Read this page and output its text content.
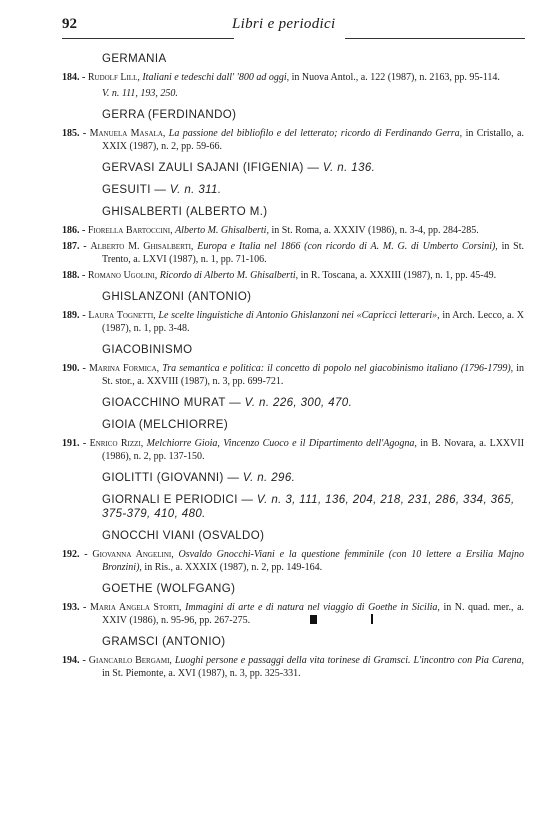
92	Libri e periodici
GERMANIA
184. - Rudolf Lill, Italiani e tedeschi dall' '800 ad oggi, in Nuova Antol., a. 122 (1987), n. 2163, pp. 95-114.
V. n. 111, 193, 250.
GERRA (FERDINANDO)
185. - Manuela Masala, La passione del bibliofilo e del letterato; ricordo di Ferdinando Gerra, in Cristallo, a. XXIX (1987), n. 2, pp. 59-66.
GERVASI ZAULI SAJANI (IFIGENIA) — V. n. 136.
GESUITI — V. n. 311.
GHISALBERTI (ALBERTO M.)
186. - Fiorella Bartoccini, Alberto M. Ghisalberti, in St. Roma, a. XXXIV (1986), n. 3-4, pp. 284-285.
187. - Alberto M. Ghisalberti, Europa e Italia nel 1866 (con ricordo di A. M. G. di Umberto Corsini), in St. Trento, a. LXVI (1987), n. 1, pp. 71-106.
188. - Romano Ugolini, Ricordo di Alberto M. Ghisalberti, in R. Toscana, a. XXXIII (1987), n. 1, pp. 45-49.
GHISLANZONI (ANTONIO)
189. - Laura Tognetti, Le scelte linguistiche di Antonio Ghislanzoni nei «Capricci letterari», in Arch. Lecco, a. X (1987), n. 1, pp. 3-48.
GIACOBINISMO
190. - Marina Formica, Tra semantica e politica: il concetto di popolo nel giacobinismo italiano (1796-1799), in St. stor., a. XXVIII (1987), n. 3, pp. 699-721.
GIOACCHINO MURAT — V. n. 226, 300, 470.
GIOIA (MELCHIORRE)
191. - Enrico Rizzi, Melchiorre Gioia, Vincenzo Cuoco e il Dipartimento dell'Agogna, in B. Novara, a. LXXVII (1986), n. 2, pp. 137-150.
GIOLITTI (GIOVANNI) — V. n. 296.
GIORNALI E PERIODICI — V. n. 3, 111, 136, 204, 218, 231, 286, 334, 365, 375-379, 410, 480.
GNOCCHI VIANI (OSVALDO)
192. - Giovanna Angelini, Osvaldo Gnocchi-Viani e la questione femminile (con 10 lettere a Ersilia Majno Bronzini), in Ris., a. XXXIX (1987), n. 2, pp. 149-164.
GOETHE (WOLFGANG)
193. - Maria Angela Storti, Immagini di arte e di natura nel viaggio di Goethe in Sicilia, in N. quad. mer., a. XXIV (1986), n. 95-96, pp. 267-275.
GRAMSCI (ANTONIO)
194. - Giancarlo Bergami, Luoghi persone e passaggi della vita torinese di Gramsci. L'incontro con Pia Carena, in St. Piemonte, a. XVI (1987), n. 3, pp. 325-331.
